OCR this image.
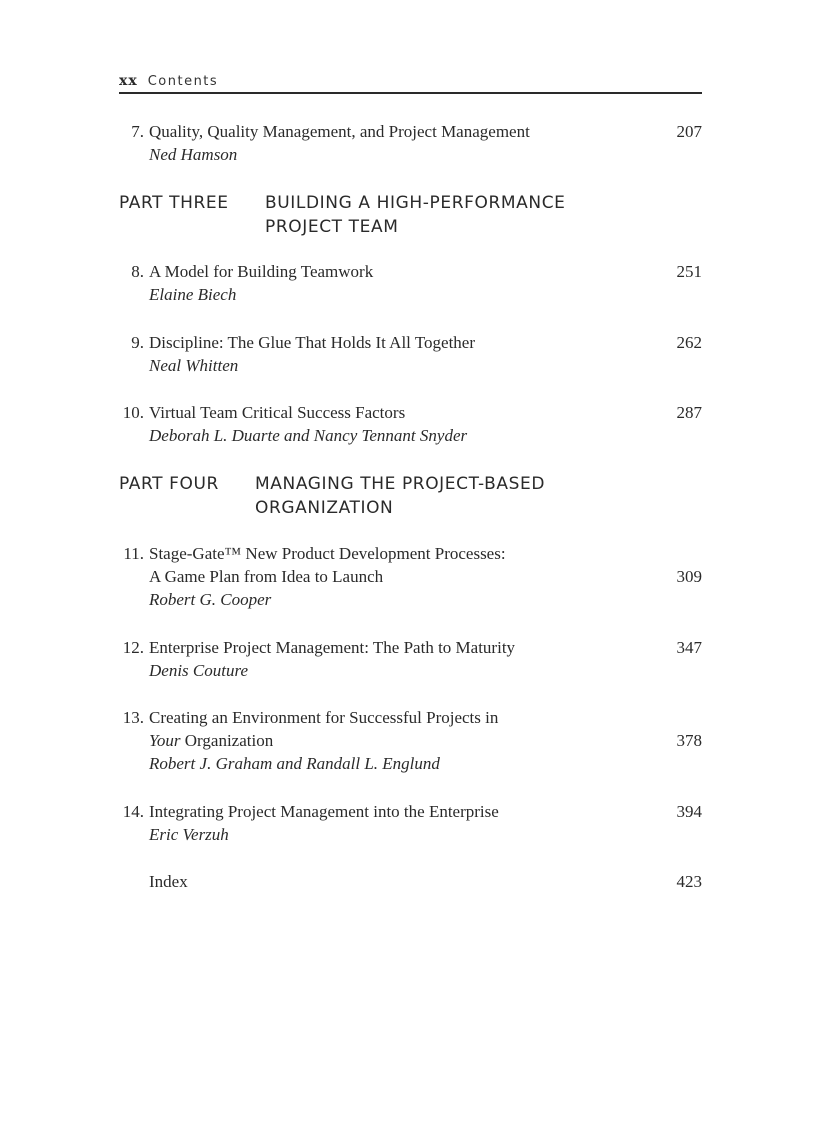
xx Contents
7. Quality, Quality Management, and Project Management	207
Ned Hamson
PART THREE BUILDING A HIGH-PERFORMANCE
PROJECT TEAM
8. A Model for Building Teamwork	251
Elaine Biech
9. Discipline: The Glue That Holds It All Together	262
Neal Whitten
10. Virtual Team Critical Success Factors	287
Deborah L. Duarte and Nancy Tennant Snyder
PART FOUR MANAGING THE PROJECT-BASED
ORGANIZATION
11. Stage-Gate™ New Product Development Processes:
A Game Plan from Idea to Launch	309
Robert G. Cooper
12. Enterprise Project Management: The Path to Maturity	347
Denis Couture
13. Creating an Environment for Successful Projects in
Your Organization	378
Robert J. Graham and Randall L. Englund
14. Integrating Project Management into the Enterprise	394
Eric Verzuh
Index	423
